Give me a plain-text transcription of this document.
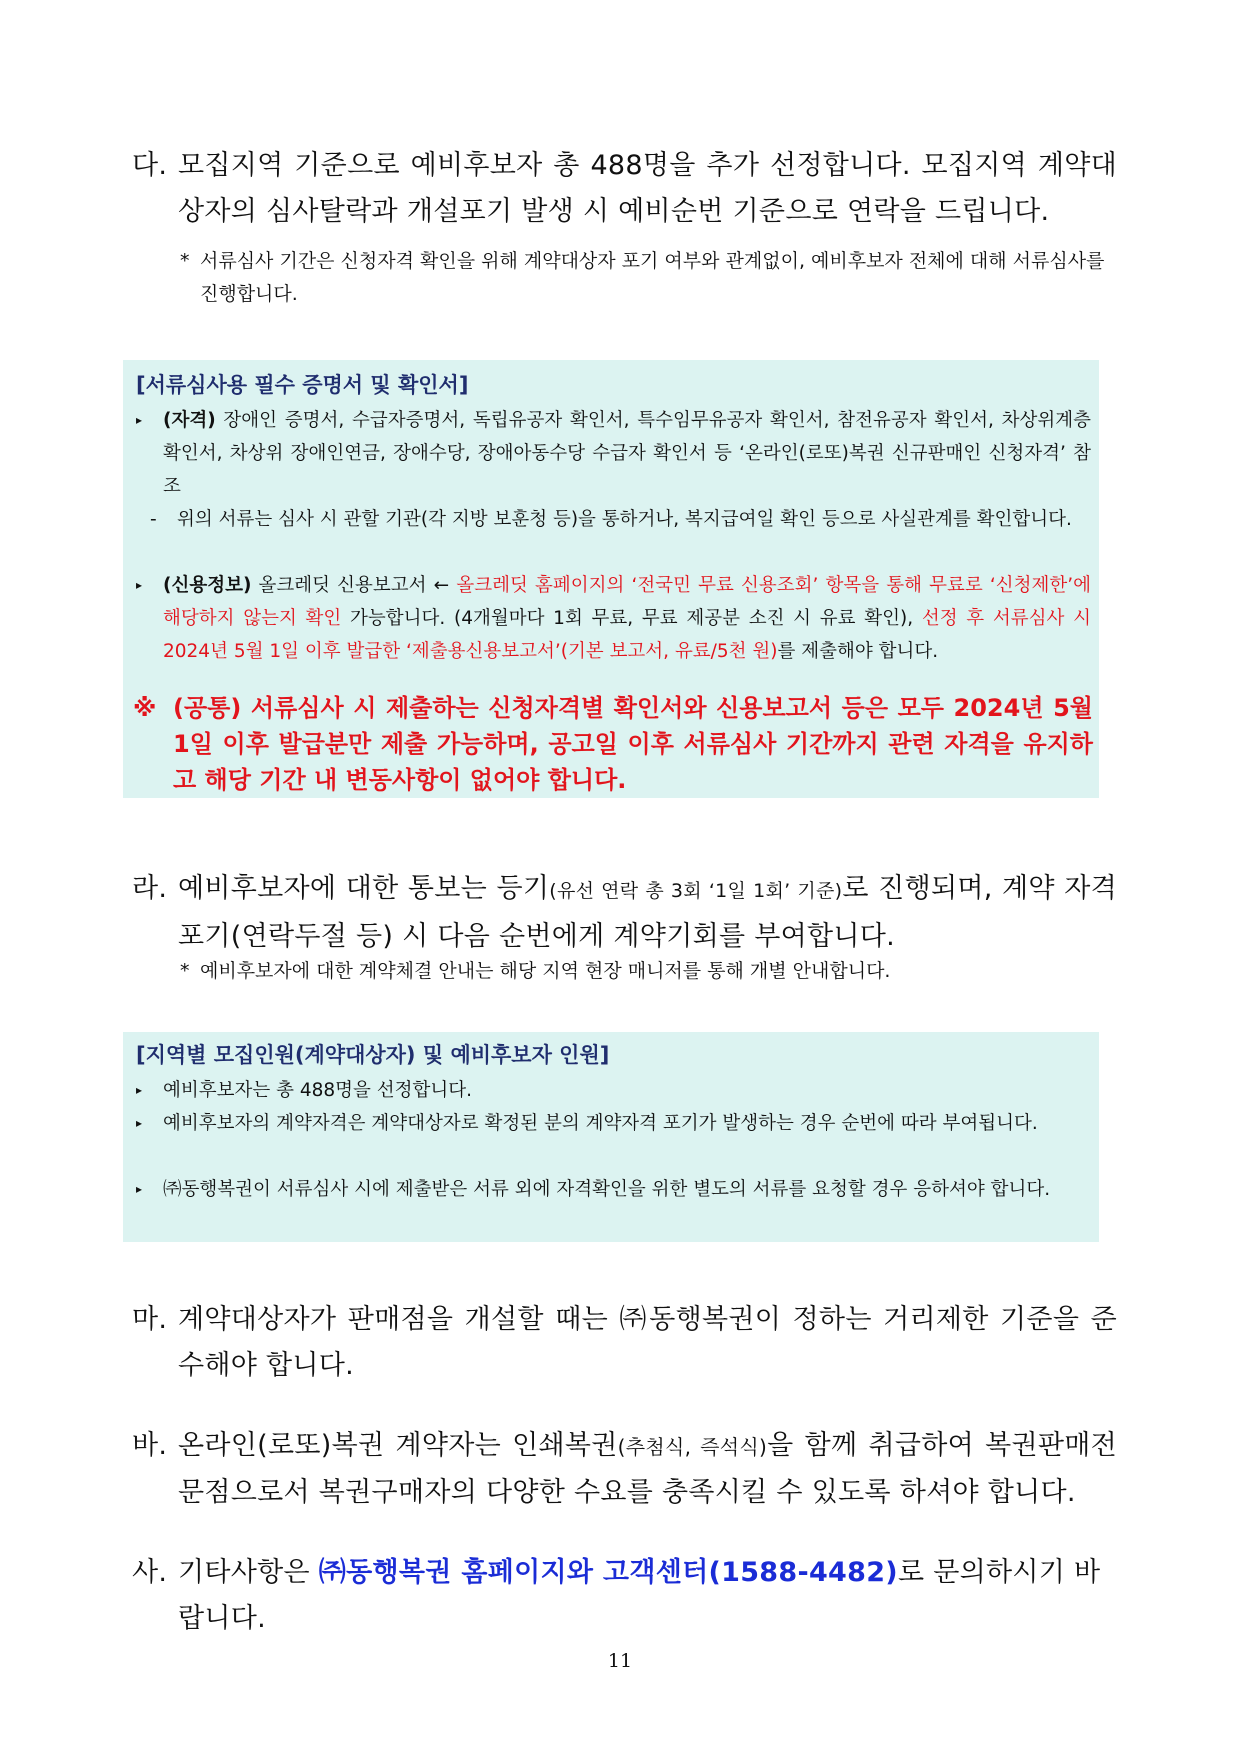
다. 모집지역 기준으로 예비후보자 총 488명을 추가 선정합니다. 모집지역 계약대상자의 심사탈락과 개설포기 발생 시 예비순번 기준으로 연락을 드립니다.
* 서류심사 기간은 신청자격 확인을 위해 계약대상자 포기 여부와 관계없이, 예비후보자 전체에 대해 서류심사를 진행합니다.
[서류심사용 필수 증명서 및 확인서]
▸ (자격) 장애인 증명서, 수급자증명서, 독립유공자 확인서, 특수임무유공자 확인서, 참전유공자 확인서, 차상위계층 확인서, 차상위 장애인연금, 장애수당, 장애아동수당 수급자 확인서 등 ‘온라인(로또)복권 신규판매인 신청자격’ 참조
- 위의 서류는 심사 시 관할 기관(각 지방 보훈청 등)을 통하거나, 복지급여일 확인 등으로 사실관계를 확인합니다.
▸ (신용정보) 올크레딧 신용보고서 ← 올크레딧 홈페이지의 ‘전국민 무료 신용조회’ 항목을 통해 무료로 ‘신청제한’에 해당하지 않는지 확인 가능합니다. (4개월마다 1회 무료, 무료 제공분 소진 시 유료 확인), 선정 후 서류심사 시 2024년 5월 1일 이후 발급한 ‘제출용신용보고서’(기본 보고서, 유료/5천 원)를 제출해야 합니다.
※ (공통) 서류심사 시 제출하는 신청자격별 확인서와 신용보고서 등은 모두 2024년 5월 1일 이후 발급분만 제출 가능하며, 공고일 이후 서류심사 기간까지 관련 자격을 유지하고 해당 기간 내 변동사항이 없어야 합니다.
라. 예비후보자에 대한 통보는 등기(유선 연락 총 3회 ‘1일 1회’ 기준)로 진행되며, 계약 자격 포기(연락두절 등) 시 다음 순번에게 계약기회를 부여합니다.
* 예비후보자에 대한 계약체결 안내는 해당 지역 현장 매니저를 통해 개별 안내합니다.
[지역별 모집인원(계약대상자) 및 예비후보자 인원]
▸ 예비후보자는 총 488명을 선정합니다.
▸ 예비후보자의 계약자격은 계약대상자로 확정된 분의 계약자격 포기가 발생하는 경우 순번에 따라 부여됩니다.
▸ ㈜동행복권이 서류심사 시에 제출받은 서류 외에 자격확인을 위한 별도의 서류를 요청할 경우 응하셔야 합니다.
마. 계약대상자가 판매점을 개설할 때는 ㈜동행복권이 정하는 거리제한 기준을 준수해야 합니다.
바. 온라인(로또)복권 계약자는 인쇄복권(추첨식, 즉석식)을 함께 취급하여 복권판매전문점으로서 복권구매자의 다양한 수요를 충족시킬 수 있도록 하셔야 합니다.
사. 기타사항은 ㈜동행복권 홈페이지와 고객센터(1588-4482)로 문의하시기 바랍니다.
11
